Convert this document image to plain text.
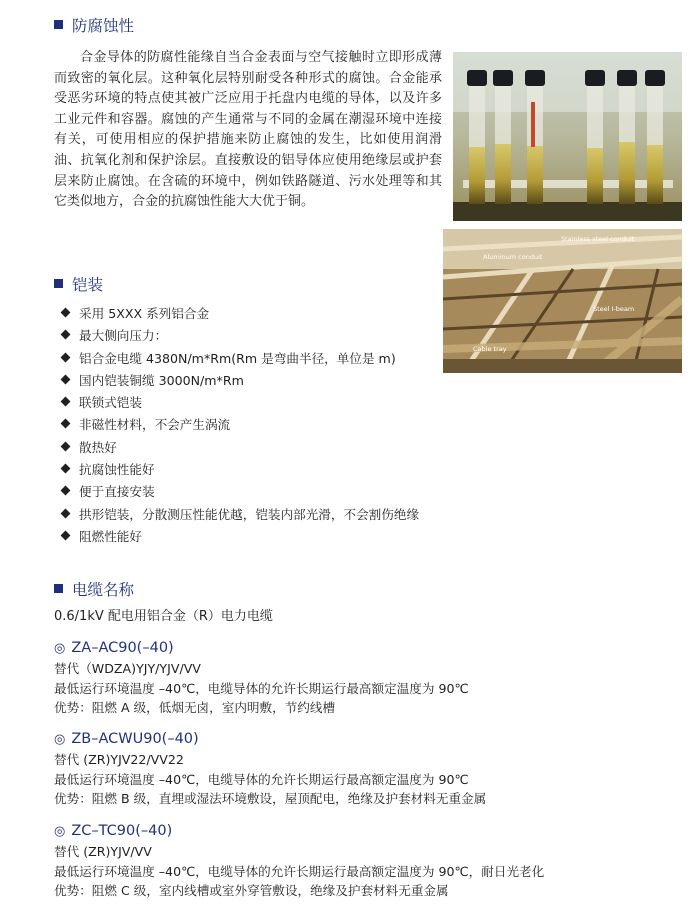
防腐蚀性

合金导体的防腐性能缘自当合金表面与空气接触时立即形成薄而致密的氧化层。这种氧化层特别耐受各种形式的腐蚀。合金能承受恶劣环境的特点使其被广泛应用于托盘内电缆的导体，以及许多工业元件和容器。腐蚀的产生通常与不同的金属在潮湿环境中连接有关，可使用相应的保护措施来防止腐蚀的发生，比如使用润滑油、抗氧化剂和保护涂层。直接敷设的铝导体应使用绝缘层或护套层来防止腐蚀。在含硫的环境中，例如铁路隧道、污水处理等和其它类似地方，合金的抗腐蚀性能大大优于铜。

Stainless steel conduit
Aluminum conduit
Steel I-beam
Cable tray
铠装
采用 5XXX 系列铝合金
最大侧向压力：
铝合金电缆 4380N/m*Rm(Rm 是弯曲半径，单位是 m)
国内铠装铜缆 3000N/m*Rm
联锁式铠装
非磁性材料，不会产生涡流
散热好
抗腐蚀性能好
便于直接安装
拱形铠装，分散测压性能优越，铠装内部光滑，不会割伤绝缘
阻燃性能好
电缆名称
0.6/1kV 配电用铝合金（R）电力电缆
◎ ZA–AC90(–40)
替代（WDZA)YJY/YJV/VV
最低运行环境温度 –40℃，电缆导体的允许长期运行最高额定温度为 90℃
优势：阻燃 A 级，低烟无卤，室内明敷，节约线槽
◎ ZB–ACWU90(–40)
替代 (ZR)YJV22/VV22
最低运行环境温度 –40℃，电缆导体的允许长期运行最高额定温度为 90℃
优势：阻燃 B 级，直埋或湿法环境敷设，屋顶配电，绝缘及护套材料无重金属
◎ ZC–TC90(–40)
替代 (ZR)YJV/VV
最低运行环境温度 –40℃，电缆导体的允许长期运行最高额定温度为 90℃，耐日光老化
优势：阻燃 C 级，室内线槽或室外穿管敷设，绝缘及护套材料无重金属
